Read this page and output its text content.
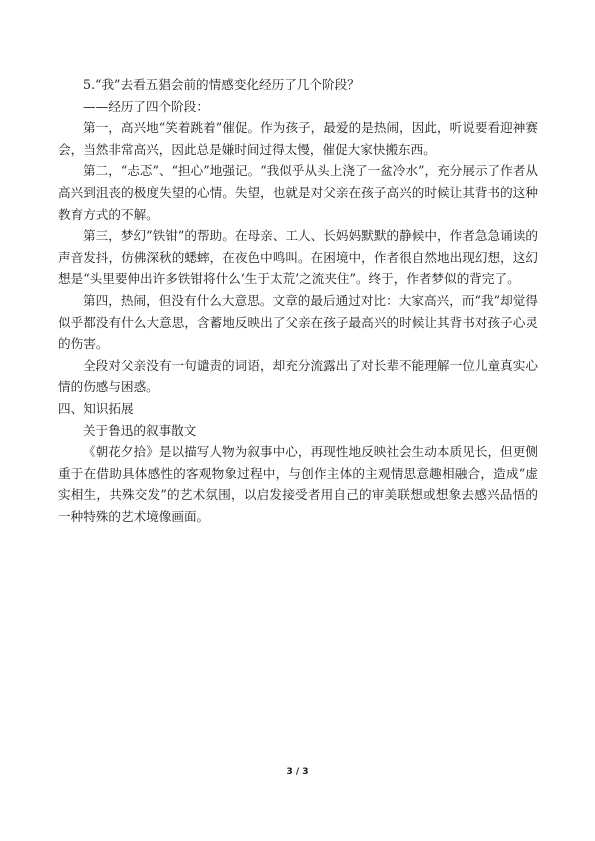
5.“我”去看五猖会前的情感变化经历了几个阶段？

——经历了四个阶段：

第一，高兴地“笑着跳着”催促。作为孩子，最爱的是热闹，因此，听说要看迎神赛会，当然非常高兴，因此总是嫌时间过得太慢，催促大家快搬东西。

第二，“忐忑”、“担心”地强记。“我似乎从头上浇了一盆冷水”，充分展示了作者从高兴到沮丧的极度失望的心情。失望，也就是对父亲在孩子高兴的时候让其背书的这种教育方式的不解。

第三，梦幻“铁钳”的帮助。在母亲、工人、长妈妈默默的静候中，作者急急诵读的声音发抖，仿佛深秋的蟋蟀，在夜色中鸣叫。在困境中，作者很自然地出现幻想，这幻想是“头里要伸出许多铁钳将什么‘生于太荒’之流夹住”。终于，作者梦似的背完了。

第四，热闹，但没有什么大意思。文章的最后通过对比：大家高兴，而“我”却觉得似乎都没有什么大意思，含蓄地反映出了父亲在孩子最高兴的时候让其背书对孩子心灵的伤害。

全段对父亲没有一句谴责的词语，却充分流露出了对长辈不能理解一位儿童真实心情的伤感与困惑。

四、知识拓展

关于鲁迅的叙事散文

《朝花夕拾》是以描写人物为叙事中心，再现性地反映社会生动本质见长，但更侧重于在借助具体感性的客观物象过程中，与创作主体的主观情思意趣相融合，造成“虚实相生，共殊交发”的艺术氛围，以启发接受者用自己的审美联想或想象去感兴品悟的一种特殊的艺术境像画面。

3 / 3
